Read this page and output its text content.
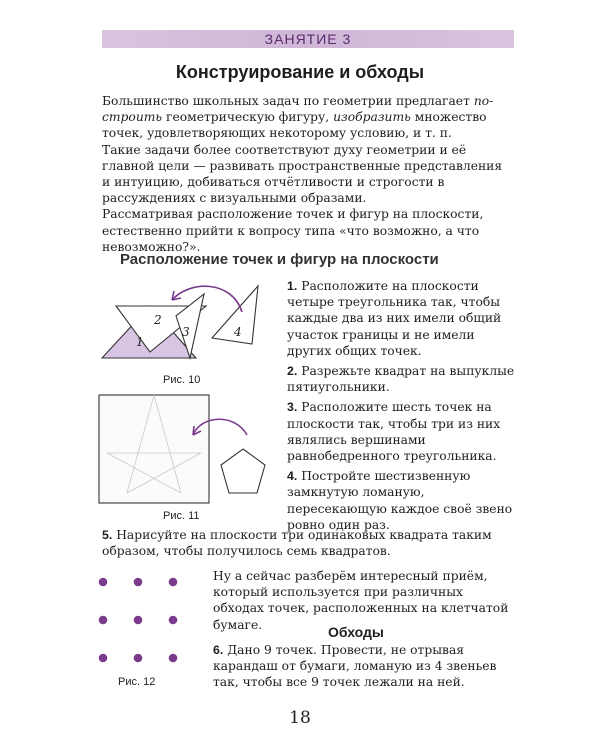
ЗАНЯТИЕ 3
Конструирование и обходы

Большинство школьных задач по геометрии предлагает по-строить геометрическую фигуру, изобразить множество точек, удовлетворяющих некоторому условию, и т. п.

Такие задачи более соответствуют духу геометрии и её главной цели — развивать пространственные представления и интуицию, добиваться отчётливости и строгости в рассуждениях с визуальными образами.

Рассматривая расположение точек и фигур на плоскости, естественно прийти к вопросу типа «что возможно, а что невозможно?».

Расположение точек и фигур на плоскости
1
2
3	4
Рис. 10
Рис. 11

1. Расположите на плоскости четыре треугольника так, чтобы каждые два из них имели общий участок границы и не имели других общих точек.

2. Разрежьте квадрат на выпуклые пятиугольники.

3. Расположите шесть точек на плоскости так, чтобы три из них являлись вершинами равнобедренного треугольника.

4. Постройте шестизвенную замкнутую ломаную, пересекающую каждое своё звено ровно один раз.

5. Нарисуйте на плоскости три одинаковых квадрата таким образом, чтобы получилось семь квадратов.

Рис. 12

Ну а сейчас разберём интересный приём, который используется при различных обходах точек, расположенных на клетчатой бумаге.	Обходы

6. Дано 9 точек. Провести, не отрывая карандаш от бумаги, ломаную из 4 звеньев так, чтобы все 9 точек лежали на ней.

18
